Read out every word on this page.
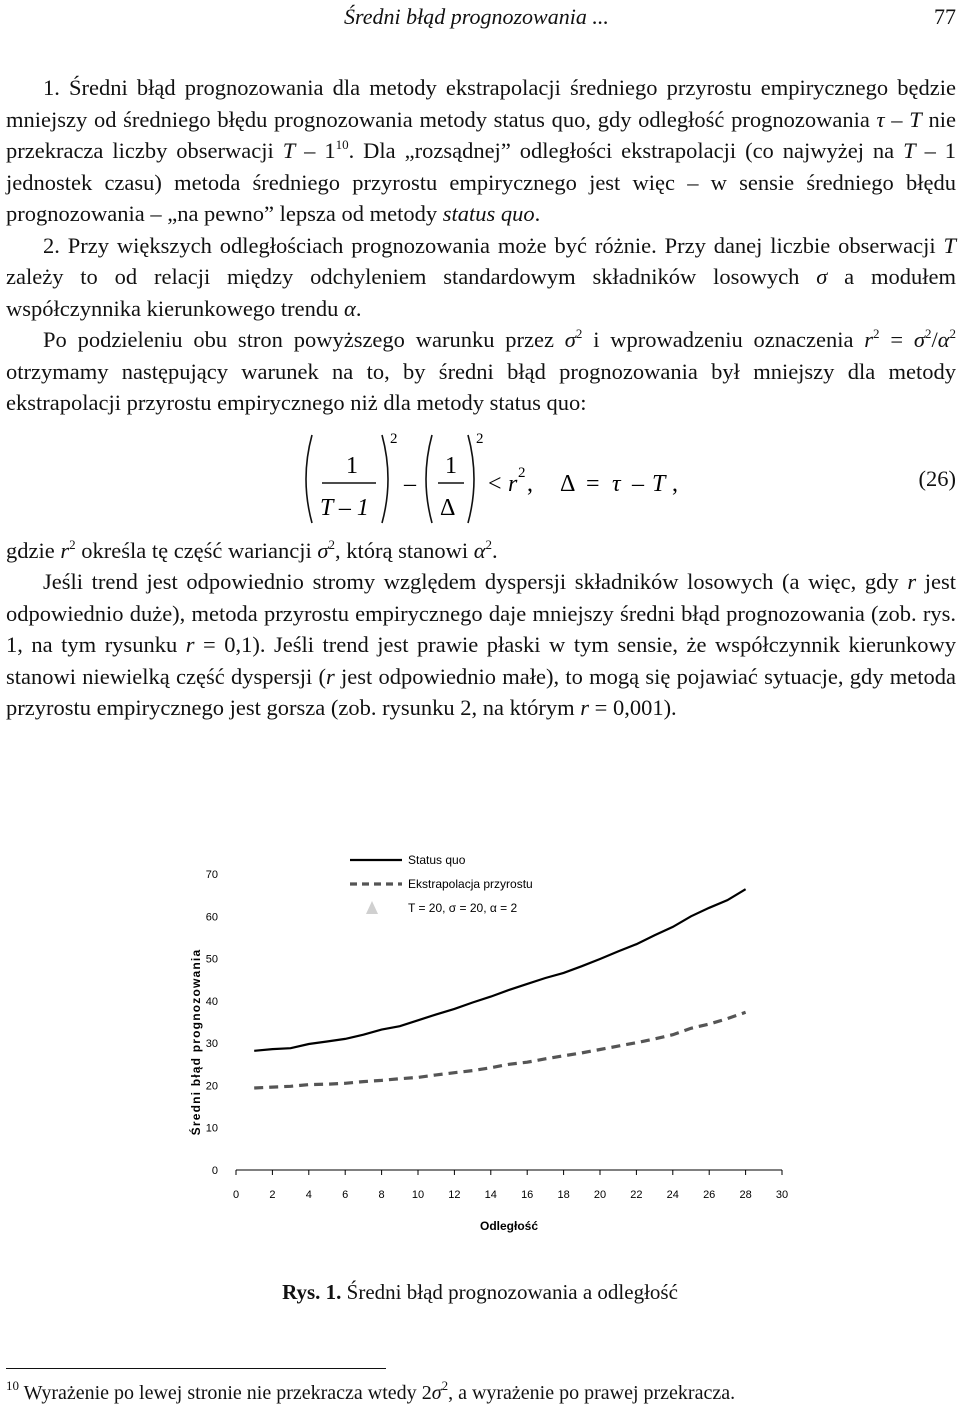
Średni błąd prognozowania ...	77

1. Średni błąd prognozowania dla metody ekstrapolacji średniego przyrostu empirycznego będzie mniejszy od średniego błędu prognozowania metody status quo, gdy odległość prognozowania τ – T nie przekracza liczby obserwacji T – $1^{10}$. Dla „rozsądnej” odległości ekstrapolacji (co najwyżej na T – 1 jednostek czasu) metoda średniego przyrostu empirycznego jest więc – w sensie średniego błędu prognozowania – „na pewno” lepsza od metody status quo.

2. Przy większych odległościach prognozowania może być różnie. Przy danej liczbie obserwacji T zależy to od relacji między odchyleniem standardowym składników losowych σ a modułem współczynnika kierunkowego trendu α.

Po podzieleniu obu stron powyższego warunku przez $\sigma^2$ i wprowadzeniu oznaczenia $r^2 = \sigma^2/\alpha^2$ otrzymamy następujący warunek na to, by średni błąd prognozowania był mniejszy dla metody ekstrapolacji przyrostu empirycznego niż dla metody status quo:

1
T – 1
2
–
1
Δ
2
< r 2 , Δ = τ – T ,	(26)

gdzie $r^2$ określa tę część wariancji $\sigma^2$, którą stanowi $\alpha^2$.

Jeśli trend jest odpowiednio stromy względem dyspersji składników losowych (a więc, gdy r jest odpowiednio duże), metoda przyrostu empirycznego daje mniejszy średni błąd prognozowania (zob. rys. 1, na tym rysunku r = 0,1). Jeśli trend jest prawie płaski w tym sensie, że współczynnik kierunkowy stanowi niewielką część dyspersji (r jest odpowiednio małe), to mogą się pojawiać sytuacje, gdy metoda przyrostu empirycznego jest gorsza (zob. rysunku 2, na którym r = 0,001).

0	2	4	6	8 10 12 14 16 18 20 22 24 26 28 30
0
10
20
30
40
50
60
70
Odległość
Średni błąd prognozowania
Status quo
Ekstrapolacja przyrostu
T = 20, σ = 20, α = 2
Rys. 1. Średni błąd prognozowania a odległość
$^{10}$ Wyrażenie po lewej stronie nie przekracza wtedy $2\sigma^2$, a wyrażenie po prawej przekracza.
